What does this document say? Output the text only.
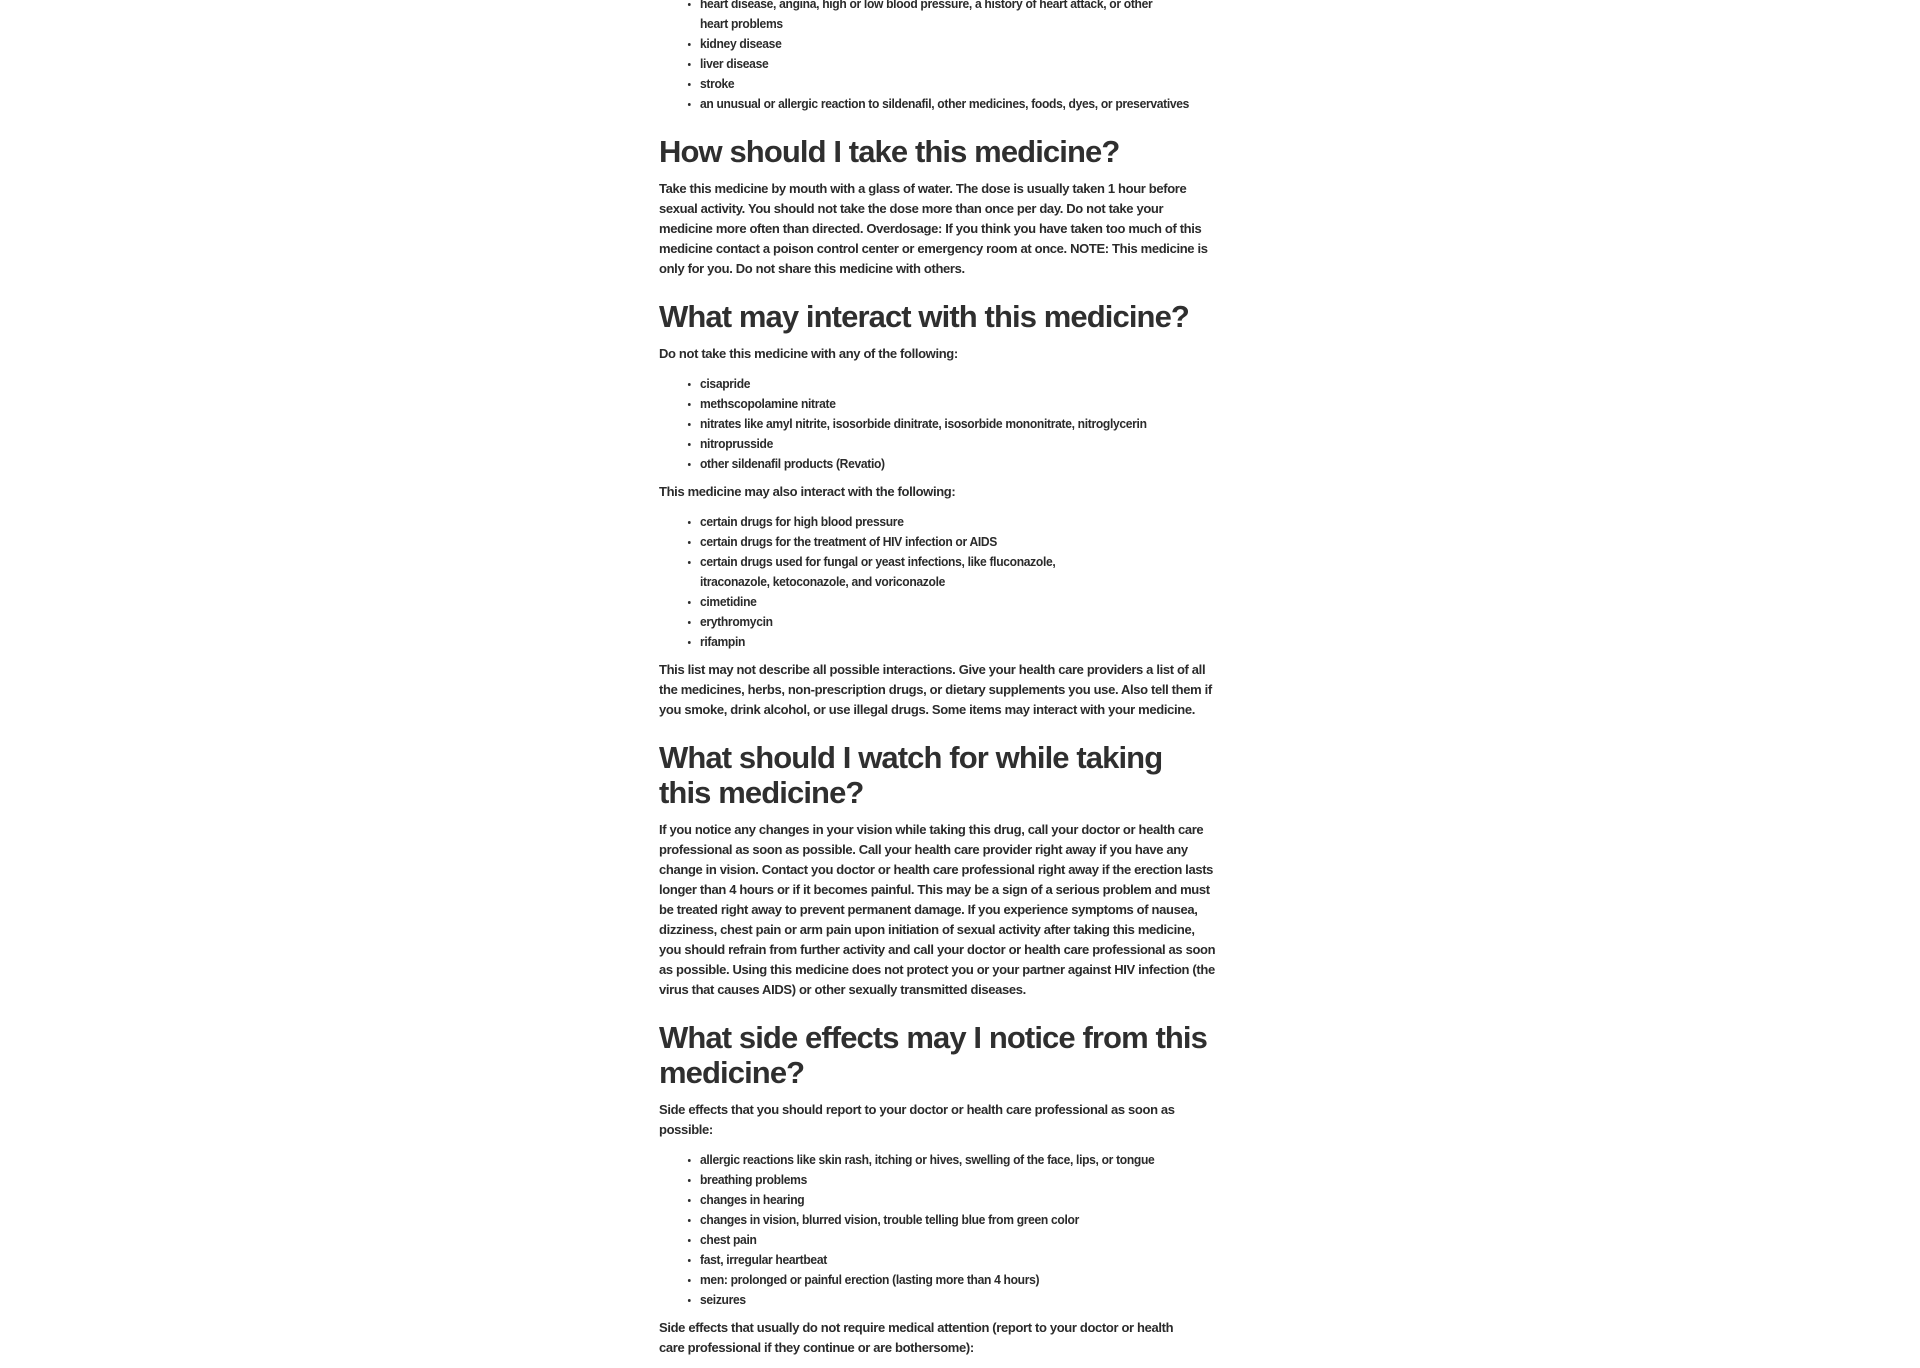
• heart disease, angina, high or low blood pressure, a history of heart attack, or other heart problems
• kidney disease
• liver disease
• stroke
• an unusual or allergic reaction to sildenafil, other medicines, foods, dyes, or preservatives
How should I take this medicine?

Take this medicine by mouth with a glass of water. The dose is usually taken 1 hour before sexual activity. You should not take the dose more than once per day. Do not take your medicine more often than directed. Overdosage: If you think you have taken too much of this medicine contact a poison control center or emergency room at once. NOTE: This medicine is only for you. Do not share this medicine with others.

What may interact with this medicine?

Do not take this medicine with any of the following:

• cisapride
• methscopolamine nitrate
• nitrates like amyl nitrite, isosorbide dinitrate, isosorbide mononitrate, nitroglycerin
• nitroprusside
• other sildenafil products (Revatio)

This medicine may also interact with the following:

• certain drugs for high blood pressure
• certain drugs for the treatment of HIV infection or AIDS
• certain drugs used for fungal or yeast infections, like fluconazole, itraconazole, ketoconazole, and voriconazole
• cimetidine
• erythromycin
• rifampin

This list may not describe all possible interactions. Give your health care providers a list of all the medicines, herbs, non-prescription drugs, or dietary supplements you use. Also tell them if you smoke, drink alcohol, or use illegal drugs. Some items may interact with your medicine.

What should I watch for while taking this medicine?

If you notice any changes in your vision while taking this drug, call your doctor or health care professional as soon as possible. Call your health care provider right away if you have any change in vision. Contact you doctor or health care professional right away if the erection lasts longer than 4 hours or if it becomes painful. This may be a sign of a serious problem and must be treated right away to prevent permanent damage. If you experience symptoms of nausea, dizziness, chest pain or arm pain upon initiation of sexual activity after taking this medicine, you should refrain from further activity and call your doctor or health care professional as soon as possible. Using this medicine does not protect you or your partner against HIV infection (the virus that causes AIDS) or other sexually transmitted diseases.

What side effects may I notice from this medicine?

Side effects that you should report to your doctor or health care professional as soon as possible:

• allergic reactions like skin rash, itching or hives, swelling of the face, lips, or tongue
• breathing problems
• changes in hearing
• changes in vision, blurred vision, trouble telling blue from green color
• chest pain
• fast, irregular heartbeat
• men: prolonged or painful erection (lasting more than 4 hours)
• seizures

Side effects that usually do not require medical attention (report to your doctor or health care professional if they continue or are bothersome):
